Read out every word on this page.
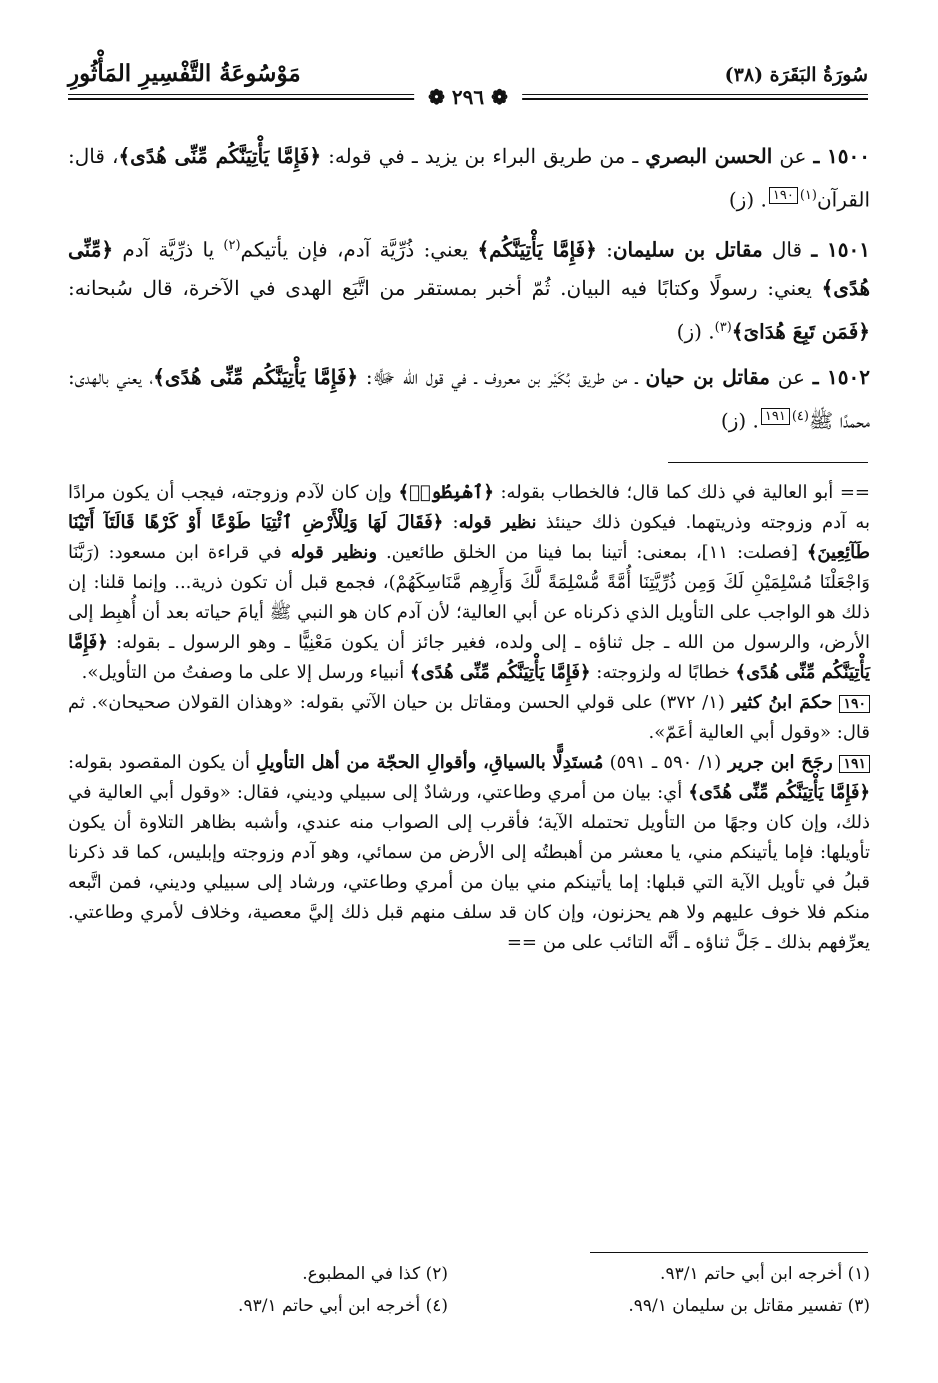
مَوْسُوعَةُ التَّفْسِيرِ المَأْثُورِ	سُورَةُ البَقَرَة (٣٨)
❁ ٢٩٦ ❁

١٥٠٠ ـ عن الحسن البصري ـ من طريق البراء بن يزيد ـ في قوله: ﴿فَإِمَّا يَأْتِيَنَّكُم مِّنِّى هُدًى﴾، قال: القرآن$^{(١)}$١٩٠. (ز)

١٥٠١ ـ قال مقاتل بن سليمان: ﴿فَإِمَّا يَأْتِيَنَّكُم﴾ يعني: ذُرِّيَّة آدم، فإن يأتيكم$^{(٢)}$ يا ذرِّيَّة آدم ﴿مِّنِّى هُدًى﴾ يعني: رسولًا وكتابًا فيه البيان. ثُمّ أخبر بمستقر من اتَّبَع الهدى في الآخرة، قال سُبحانه: ﴿فَمَن تَبِعَ هُدَاىَ﴾$^{(٣)}$. (ز)

١٥٠٢ ـ عن مقاتل بن حيان ـ من طريق بُكَيْر بن معروف ـ في قول الله ﷻ: ﴿فَإِمَّا يَأْتِيَنَّكُم مِّنِّى هُدًى﴾، يعني بالهدى: محمدًا ﷺ$^{(٤)}$١٩١. (ز)

== أبو العالية في ذلك كما قال؛ فالخطاب بقوله: ﴿ٱهْبِطُوا۟﴾ وإن كان لآدم وزوجته، فيجب أن يكون مرادًا به آدم وزوجته وذريتهما. فيكون ذلك حينئذ نظير قوله: ﴿فَقَالَ لَهَا وَلِلْأَرْضِ ٱئْتِيَا طَوْعًا أَوْ كَرْهًا قَالَتَآ أَتَيْنَا طَآئِعِينَ﴾ [فصلت: ١١]، بمعنى: أتينا بما فينا من الخلق طائعين. ونظير قوله في قراءة ابن مسعود: (رَبَّنَا وَاجْعَلْنَا مُسْلِمَيْنِ لَكَ وَمِن ذُرِّيَّتِنَا أُمَّةً مُّسْلِمَةً لَّكَ وَأَرِهِم مَّنَاسِكَهُمْ)، فجمع قبل أن تكون ذرية... وإنما قلنا: إن ذلك هو الواجب على التأويل الذي ذكرناه عن أبي العالية؛ لأن آدم كان هو النبي ﷺ أيامَ حياته بعد أن أُهبِط إلى الأرض، والرسول من الله ـ جل ثناؤه ـ إلى ولده، فغير جائز أن يكون مَعْنِيًّا ـ وهو الرسول ـ بقوله: ﴿فَإِمَّا يَأْتِيَنَّكُم مِّنِّى هُدًى﴾ خطابًا له ولزوجته: ﴿فَإِمَّا يَأْتِيَنَّكُم مِّنِّى هُدًى﴾ أنبياء ورسل إلا على ما وصفتُ من التأويل».

١٩٠ حكمَ ابنُ كثير (١/ ٣٧٢) على قولي الحسن ومقاتل بن حيان الآتي بقوله: «وهذان القولان صحيحان». ثم قال: «وقول أبي العالية أعَمّ».

١٩١ رجَحَ ابن جرير (١/ ٥٩٠ ـ ٥٩١) مُستَدِلًّا بالسياقِ، وأقوالِ الحجّة من أهل التأويلِ أن يكون المقصود بقوله: ﴿فَإِمَّا يَأْتِيَنَّكُم مِّنِّى هُدًى﴾ أي: بيان من أمري وطاعتي، ورشادٌ إلى سبيلي وديني، فقال: «وقول أبي العالية في ذلك، وإن كان وجهًا من التأويل تحتمله الآية؛ فأقرب إلى الصواب منه عندي، وأشبه بظاهر التلاوة أن يكون تأويلها: فإما يأتينكم مني، يا معشر من أهبطتُه إلى الأرض من سمائي، وهو آدم وزوجته وإبليس، كما قد ذكرنا قبلُ في تأويل الآية التي قبلها: إما يأتينكم مني بيان من أمري وطاعتي، ورشاد إلى سبيلي وديني، فمن اتَّبعه منكم فلا خوف عليهم ولا هم يحزنون، وإن كان قد سلف منهم قبل ذلك إليَّ معصية، وخلاف لأمري وطاعتي. يعرِّفهم بذلك ـ جَلَّ ثناؤه ـ أنَّه التائب على من ==

(١) أخرجه ابن أبي حاتم ٩٣/١.
(٣) تفسير مقاتل بن سليمان ٩٩/١.
(٢) كذا في المطبوع.
(٤) أخرجه ابن أبي حاتم ٩٣/١.
